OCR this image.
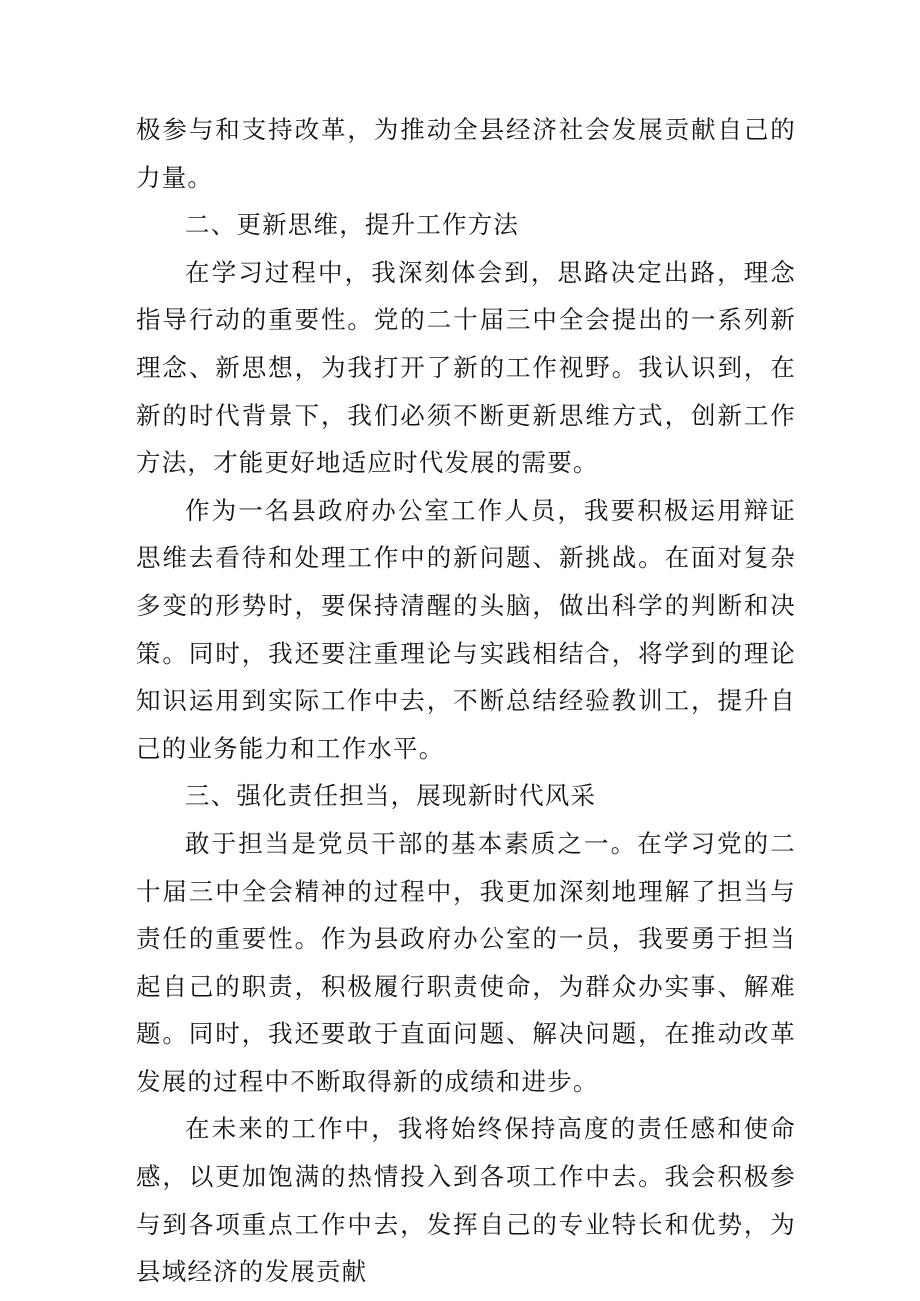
极参与和支持改革，为推动全县经济社会发展贡献自己的力量。

二、更新思维，提升工作方法

在学习过程中，我深刻体会到，思路决定出路，理念指导行动的重要性。党的二十届三中全会提出的一系列新理念、新思想，为我打开了新的工作视野。我认识到，在新的时代背景下，我们必须不断更新思维方式，创新工作方法，才能更好地适应时代发展的需要。

作为一名县政府办公室工作人员，我要积极运用辩证思维去看待和处理工作中的新问题、新挑战。在面对复杂多变的形势时，要保持清醒的头脑，做出科学的判断和决策。同时，我还要注重理论与实践相结合，将学到的理论知识运用到实际工作中去，不断总结经验教训工，提升自己的业务能力和工作水平。

三、强化责任担当，展现新时代风采

敢于担当是党员干部的基本素质之一。在学习党的二十届三中全会精神的过程中，我更加深刻地理解了担当与责任的重要性。作为县政府办公室的一员，我要勇于担当起自己的职责，积极履行职责使命，为群众办实事、解难题。同时，我还要敢于直面问题、解决问题，在推动改革发展的过程中不断取得新的成绩和进步。

在未来的工作中，我将始终保持高度的责任感和使命感，以更加饱满的热情投入到各项工作中去。我会积极参与到各项重点工作中去，发挥自己的专业特长和优势，为县域经济的发展贡献
